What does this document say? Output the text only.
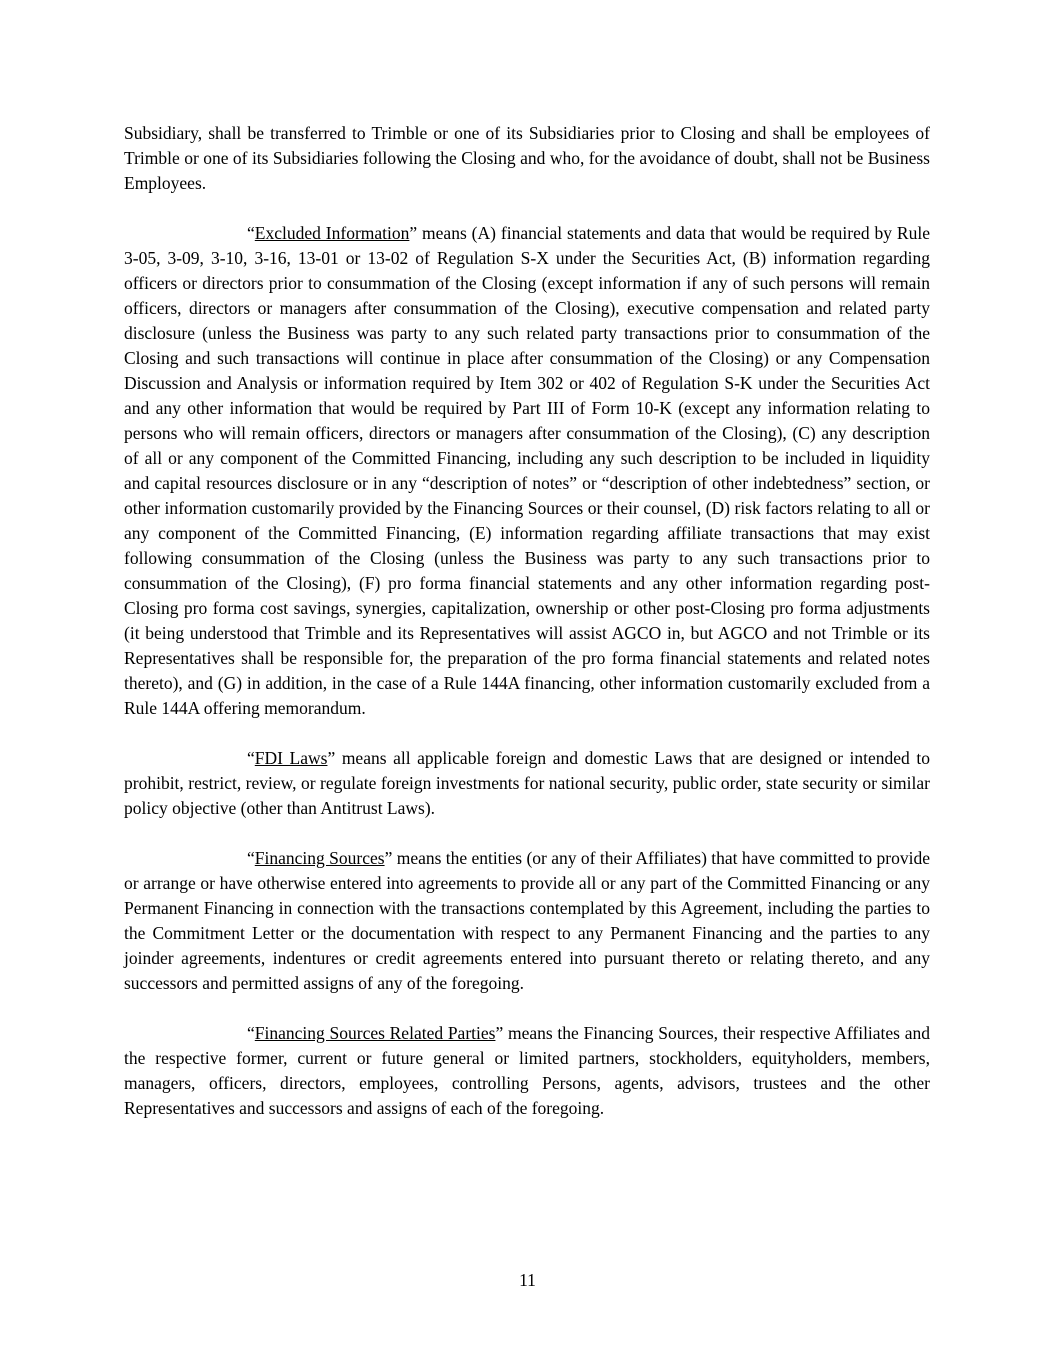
Subsidiary, shall be transferred to Trimble or one of its Subsidiaries prior to Closing and shall be employees of Trimble or one of its Subsidiaries following the Closing and who, for the avoidance of doubt, shall not be Business Employees.

“Excluded Information” means (A) financial statements and data that would be required by Rule 3-05, 3-09, 3-10, 3-16, 13-01 or 13-02 of Regulation S-X under the Securities Act, (B) information regarding officers or directors prior to consummation of the Closing (except information if any of such persons will remain officers, directors or managers after consummation of the Closing), executive compensation and related party disclosure (unless the Business was party to any such related party transactions prior to consummation of the Closing and such transactions will continue in place after consummation of the Closing) or any Compensation Discussion and Analysis or information required by Item 302 or 402 of Regulation S-K under the Securities Act and any other information that would be required by Part III of Form 10-K (except any information relating to persons who will remain officers, directors or managers after consummation of the Closing), (C) any description of all or any component of the Committed Financing, including any such description to be included in liquidity and capital resources disclosure or in any “description of notes” or “description of other indebtedness” section, or other information customarily provided by the Financing Sources or their counsel, (D) risk factors relating to all or any component of the Committed Financing, (E) information regarding affiliate transactions that may exist following consummation of the Closing (unless the Business was party to any such transactions prior to consummation of the Closing), (F) pro forma financial statements and any other information regarding post-Closing pro forma cost savings, synergies, capitalization, ownership or other post-Closing pro forma adjustments (it being understood that Trimble and its Representatives will assist AGCO in, but AGCO and not Trimble or its Representatives shall be responsible for, the preparation of the pro forma financial statements and related notes thereto), and (G) in addition, in the case of a Rule 144A financing, other information customarily excluded from a Rule 144A offering memorandum.

“FDI Laws” means all applicable foreign and domestic Laws that are designed or intended to prohibit, restrict, review, or regulate foreign investments for national security, public order, state security or similar policy objective (other than Antitrust Laws).

“Financing Sources” means the entities (or any of their Affiliates) that have committed to provide or arrange or have otherwise entered into agreements to provide all or any part of the Committed Financing or any Permanent Financing in connection with the transactions contemplated by this Agreement, including the parties to the Commitment Letter or the documentation with respect to any Permanent Financing and the parties to any joinder agreements, indentures or credit agreements entered into pursuant thereto or relating thereto, and any successors and permitted assigns of any of the foregoing.

“Financing Sources Related Parties” means the Financing Sources, their respective Affiliates and the respective former, current or future general or limited partners, stockholders, equityholders, members, managers, officers, directors, employees, controlling Persons, agents, advisors, trustees and the other Representatives and successors and assigns of each of the foregoing.

11
